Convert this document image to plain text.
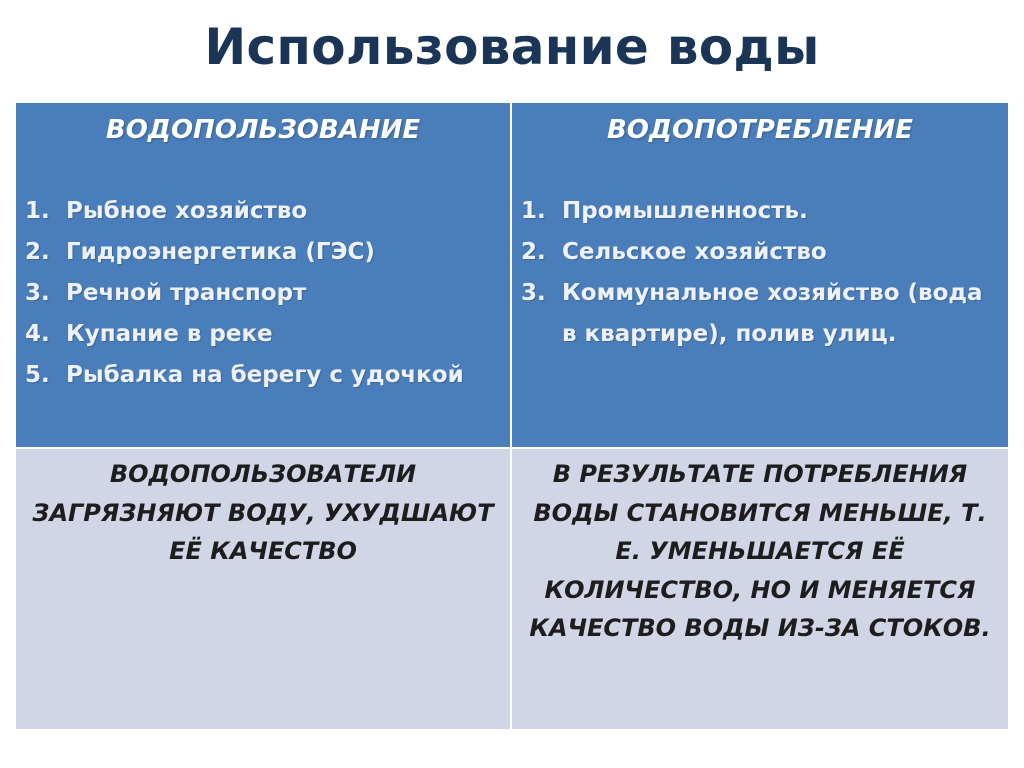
Использование воды
ВОДОПОЛЬЗОВАНИЕ
1. Рыбное хозяйство
2. Гидроэнергетика (ГЭС)
3. Речной транспорт
4. Купание в реке
5. Рыбалка на берегу с удочкой
ВОДОПОТРЕБЛЕНИЕ
1. Промышленность.
2. Сельское хозяйство
3. Коммунальное хозяйство (вода в квартире), полив улиц.
ВОДОПОЛЬЗОВАТЕЛИ ЗАГРЯЗНЯЮТ ВОДУ, УХУДШАЮТ ЕЁ КАЧЕСТВО
В РЕЗУЛЬТАТЕ ПОТРЕБЛЕНИЯ ВОДЫ СТАНОВИТСЯ МЕНЬШЕ, Т. Е. УМЕНЬШАЕТСЯ ЕЁ КОЛИЧЕСТВО, НО И МЕНЯЕТСЯ КАЧЕСТВО ВОДЫ ИЗ-ЗА СТОКОВ.
